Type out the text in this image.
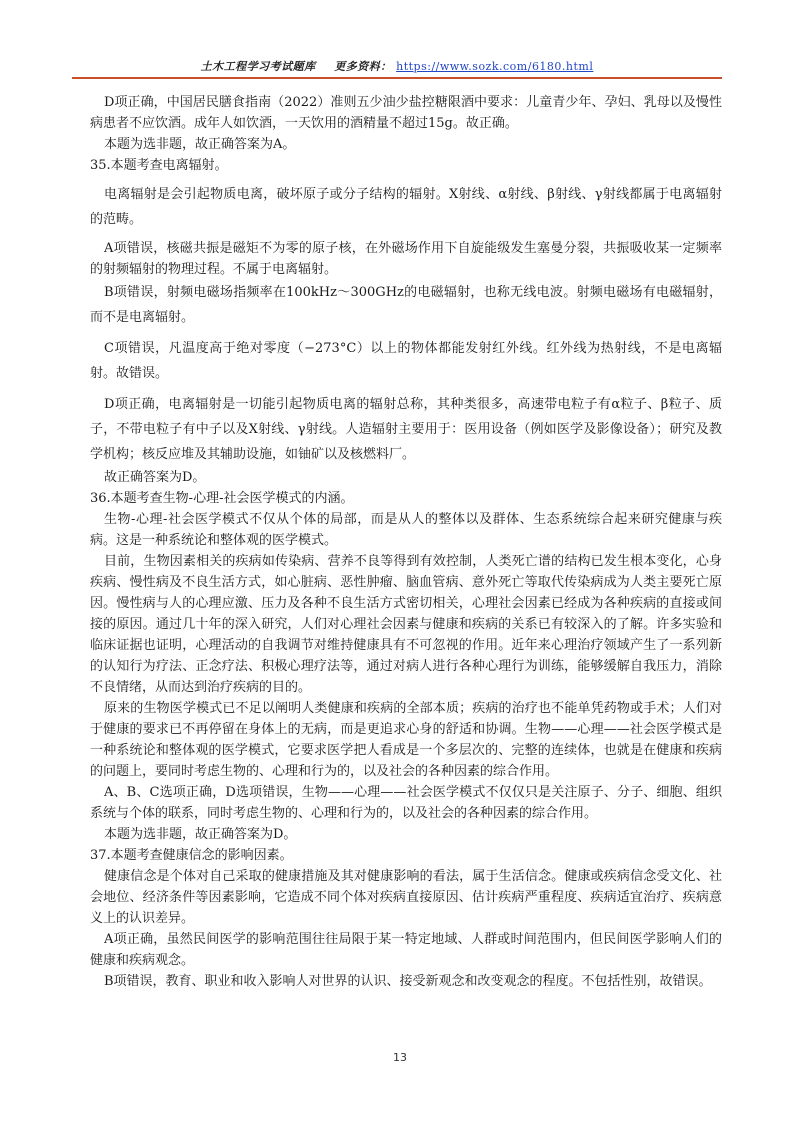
土木工程学习考试题库 更多资料： https://www.sozk.com/6180.html

D项正确，中国居民膳食指南（2022）准则五少油少盐控糖限酒中要求：儿童青少年、孕妇、乳母以及慢性病患者不应饮酒。成年人如饮酒，一天饮用的酒精量不超过15g。故正确。

本题为选非题，故正确答案为A。

35.本题考查电离辐射。

电离辐射是会引起物质电离，破坏原子或分子结构的辐射。X射线、α射线、β射线、γ射线都属于电离辐射的范畴。

A项错误，核磁共振是磁矩不为零的原子核，在外磁场作用下自旋能级发生塞曼分裂，共振吸收某一定频率的射频辐射的物理过程。不属于电离辐射。

B项错误，射频电磁场指频率在100kHz～300GHz的电磁辐射，也称无线电波。射频电磁场有电磁辐射，而不是电离辐射。

C项错误，凡温度高于绝对零度（−273°C）以上的物体都能发射红外线。红外线为热射线，不是电离辐射。故错误。

D项正确，电离辐射是一切能引起物质电离的辐射总称，其种类很多，高速带电粒子有α粒子、β粒子、质子，不带电粒子有中子以及X射线、γ射线。人造辐射主要用于：医用设备（例如医学及影像设备）；研究及教学机构；核反应堆及其辅助设施，如铀矿以及核燃料厂。

故正确答案为D。

36.本题考查生物-心理-社会医学模式的内涵。

生物-心理-社会医学模式不仅从个体的局部，而是从人的整体以及群体、生态系统综合起来研究健康与疾病。这是一种系统论和整体观的医学模式。

目前，生物因素相关的疾病如传染病、营养不良等得到有效控制，人类死亡谱的结构已发生根本变化，心身疾病、慢性病及不良生活方式，如心脏病、恶性肿瘤、脑血管病、意外死亡等取代传染病成为人类主要死亡原因。慢性病与人的心理应激、压力及各种不良生活方式密切相关，心理社会因素已经成为各种疾病的直接或间接的原因。通过几十年的深入研究，人们对心理社会因素与健康和疾病的关系已有较深入的了解。许多实验和临床证据也证明，心理活动的自我调节对维持健康具有不可忽视的作用。近年来心理治疗领域产生了一系列新的认知行为疗法、正念疗法、积极心理疗法等，通过对病人进行各种心理行为训练，能够缓解自我压力，消除不良情绪，从而达到治疗疾病的目的。

原来的生物医学模式已不足以阐明人类健康和疾病的全部本质；疾病的治疗也不能单凭药物或手术；人们对于健康的要求已不再停留在身体上的无病，而是更追求心身的舒适和协调。生物——心理——社会医学模式是一种系统论和整体观的医学模式，它要求医学把人看成是一个多层次的、完整的连续体，也就是在健康和疾病的问题上，要同时考虑生物的、心理和行为的，以及社会的各种因素的综合作用。

A、B、C选项正确，D选项错误，生物——心理——社会医学模式不仅仅只是关注原子、分子、细胞、组织系统与个体的联系，同时考虑生物的、心理和行为的，以及社会的各种因素的综合作用。

本题为选非题，故正确答案为D。

37.本题考查健康信念的影响因素。

健康信念是个体对自己采取的健康措施及其对健康影响的看法，属于生活信念。健康或疾病信念受文化、社会地位、经济条件等因素影响，它造成不同个体对疾病直接原因、估计疾病严重程度、疾病适宜治疗、疾病意义上的认识差异。

A项正确，虽然民间医学的影响范围往往局限于某一特定地域、人群或时间范围内，但民间医学影响人们的健康和疾病观念。

B项错误，教育、职业和收入影响人对世界的认识、接受新观念和改变观念的程度。不包括性别，故错误。

13
